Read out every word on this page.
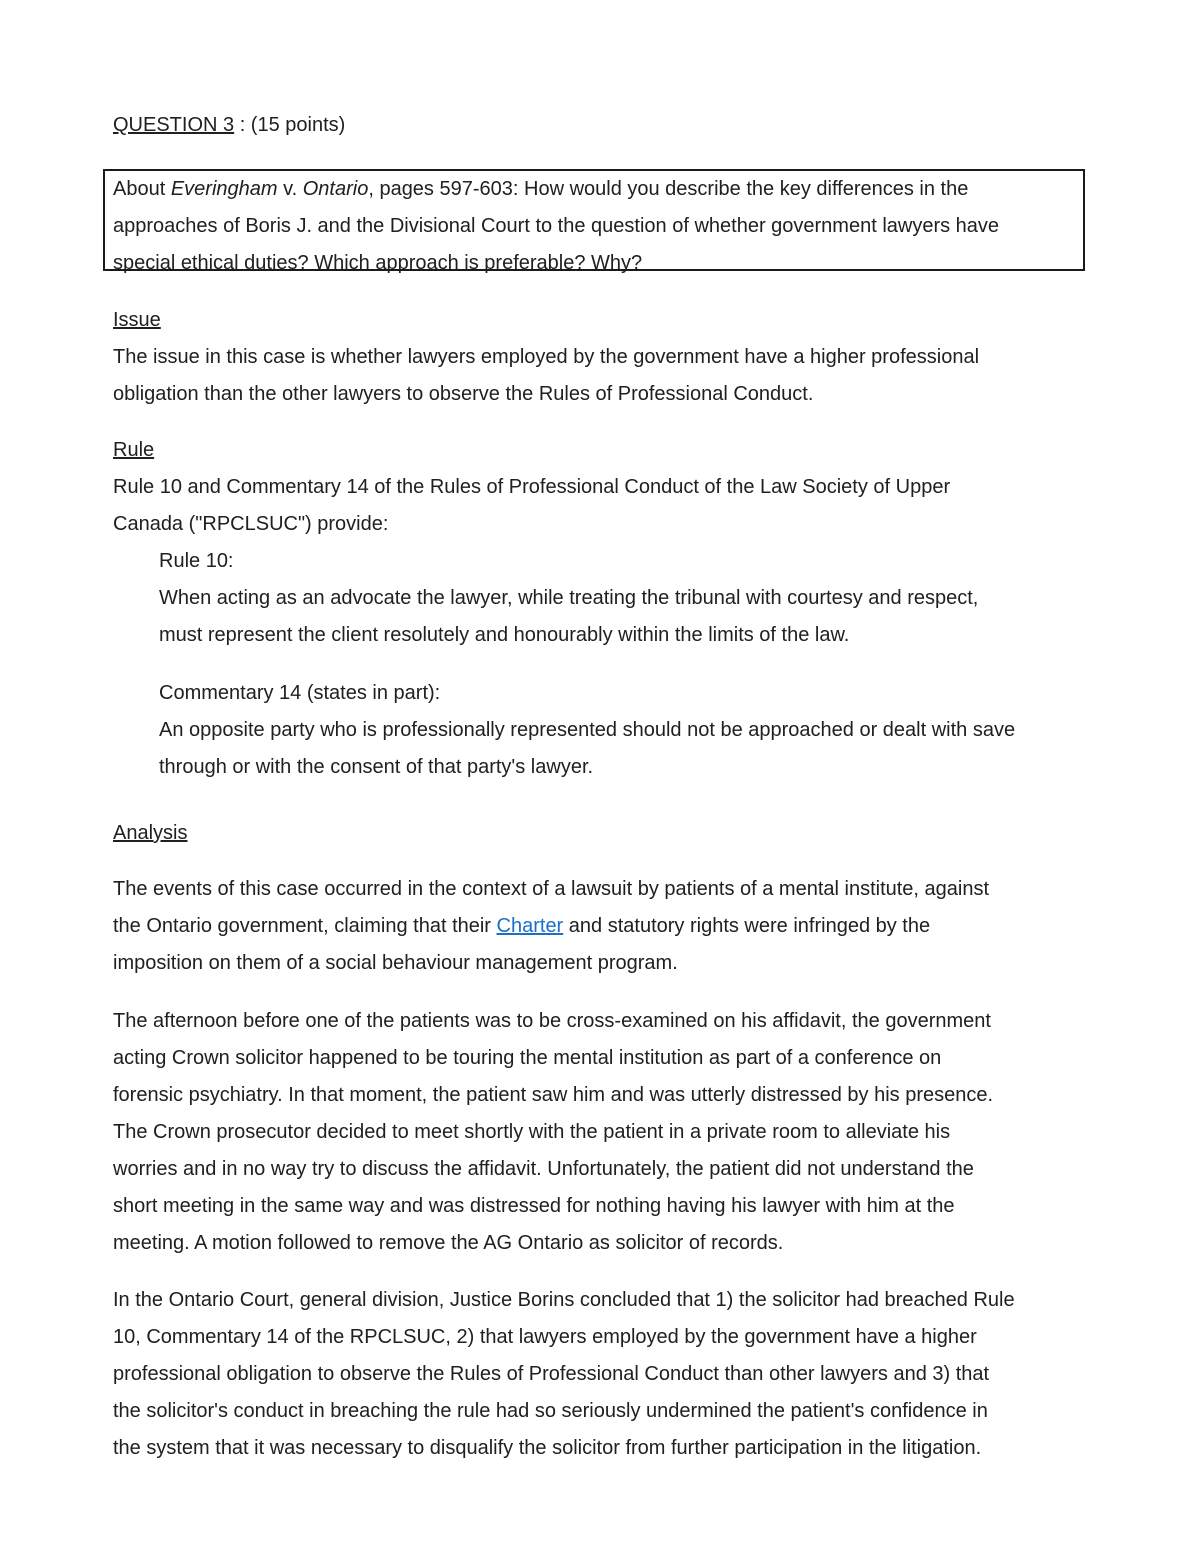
QUESTION 3 : (15 points)
About Everingham v. Ontario, pages 597-603: How would you describe the key differences in the
approaches of Boris J. and the Divisional Court to the question of whether government lawyers have
special ethical duties? Which approach is preferable? Why?
Issue
The issue in this case is whether lawyers employed by the government have a higher professional
obligation than the other lawyers to observe the Rules of Professional Conduct.
Rule
Rule 10 and Commentary 14 of the Rules of Professional Conduct of the Law Society of Upper
Canada ("RPCLSUC") provide:
Rule 10:
When acting as an advocate the lawyer, while treating the tribunal with courtesy and respect,
must represent the client resolutely and honourably within the limits of the law.
Commentary 14 (states in part):
An opposite party who is professionally represented should not be approached or dealt with save
through or with the consent of that party's lawyer.
Analysis
The events of this case occurred in the context of a lawsuit by patients of a mental institute, against
the Ontario government, claiming that their Charter and statutory rights were infringed by the
imposition on them of a social behaviour management program.
The afternoon before one of the patients was to be cross-examined on his affidavit, the government
acting Crown solicitor happened to be touring the mental institution as part of a conference on
forensic psychiatry. In that moment, the patient saw him and was utterly distressed by his presence.
The Crown prosecutor decided to meet shortly with the patient in a private room to alleviate his
worries and in no way try to discuss the affidavit. Unfortunately, the patient did not understand the
short meeting in the same way and was distressed for nothing having his lawyer with him at the
meeting. A motion followed to remove the AG Ontario as solicitor of records.
In the Ontario Court, general division, Justice Borins concluded that 1) the solicitor had breached Rule
10, Commentary 14 of the RPCLSUC, 2) that lawyers employed by the government have a higher
professional obligation to observe the Rules of Professional Conduct than other lawyers and 3) that
the solicitor's conduct in breaching the rule had so seriously undermined the patient's confidence in
the system that it was necessary to disqualify the solicitor from further participation in the litigation.
